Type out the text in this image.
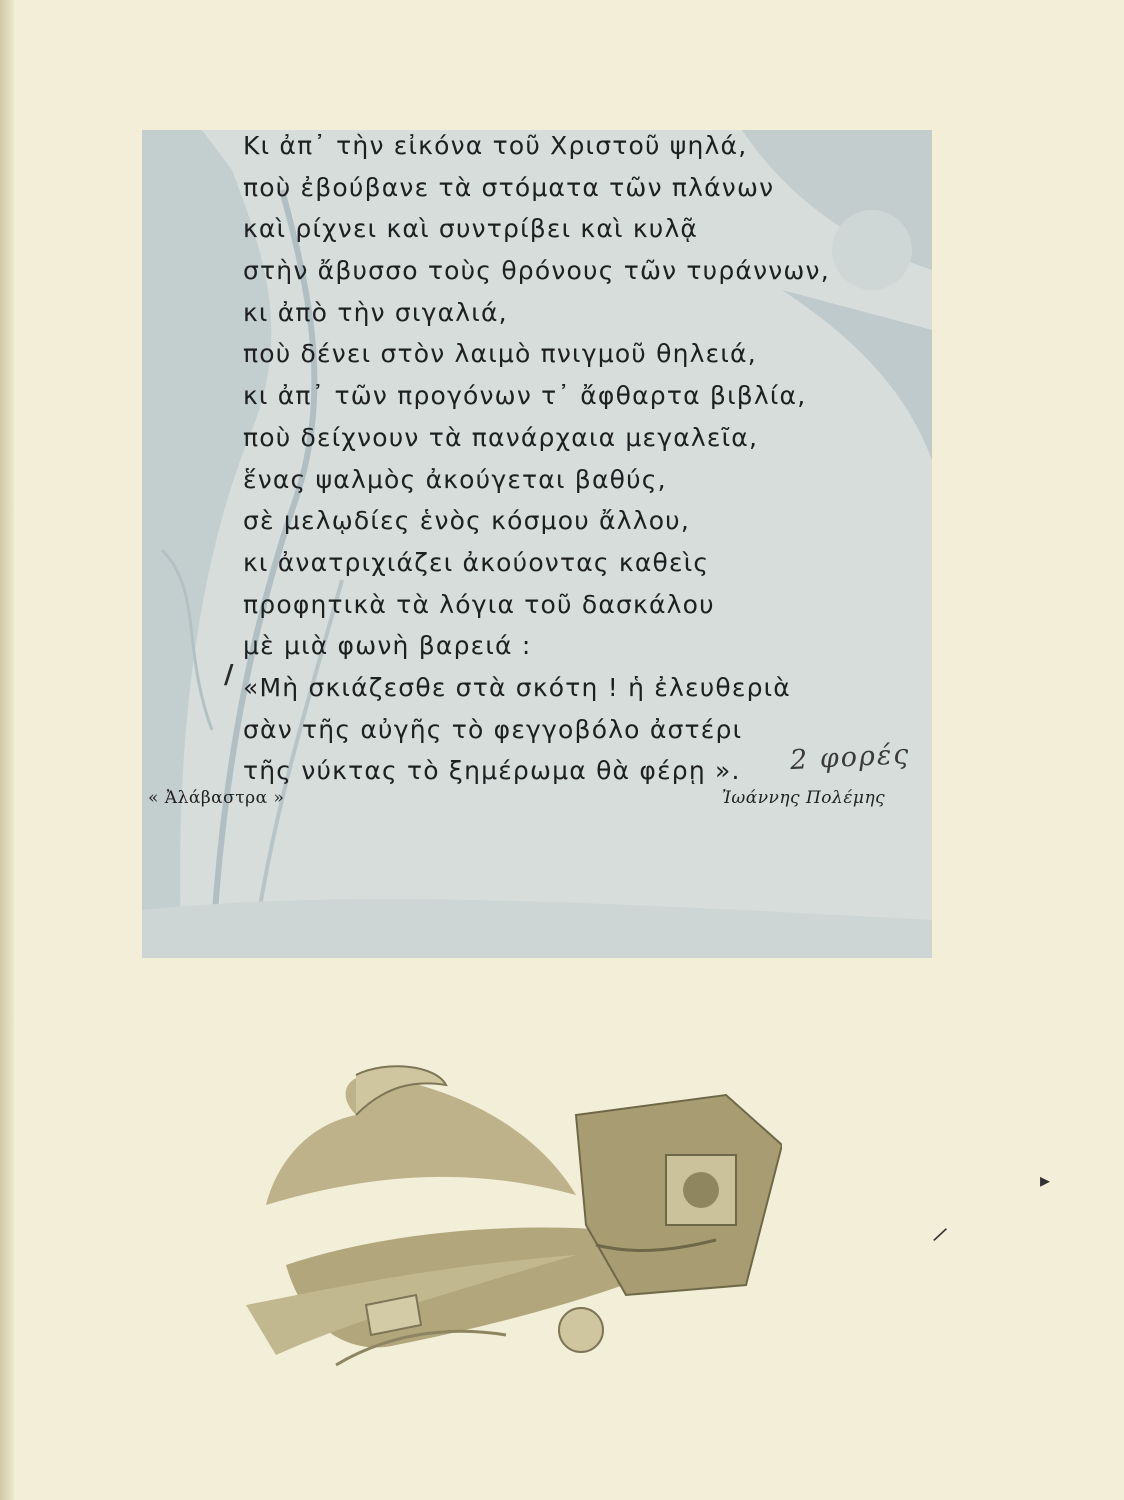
Κι ἀπ᾿ τὴν εἰκόνα τοῦ Χριστοῦ ψηλά,
ποὺ ἐβούβανε τὰ στόματα τῶν πλάνων
καὶ ρίχνει καὶ συντρίβει καὶ κυλᾷ
στὴν ἄβυσσο τοὺς θρόνους τῶν τυράννων,
κι ἀπὸ τὴν σιγαλιά,
ποὺ δένει στὸν λαιμὸ πνιγμοῦ θηλειά,
κι ἀπ᾿ τῶν προγόνων τ᾿ ἄφθαρτα βιβλία,
ποὺ δείχνουν τὰ πανάρχαια μεγαλεῖα,
ἕνας ψαλμὸς ἀκούγεται βαθύς,
σὲ μελῳδίες ἑνὸς κόσμου ἄλλου,
κι ἀνατριχιάζει ἀκούοντας καθεὶς
προφητικὰ τὰ λόγια τοῦ δασκάλου
μὲ μιὰ φωνὴ βαρειά :
«Μὴ σκιάζεσθε στὰ σκότη ! ἡ ἐλευθεριὰ
σὰν τῆς αὐγῆς τὸ φεγγοβόλο ἀστέρι
τῆς νύκτας τὸ ξημέρωμα θὰ φέρῃ ».
/
2 φορές
« Ἀλάβαστρα »	Ἰωάννης Πολέμης
▸
/
